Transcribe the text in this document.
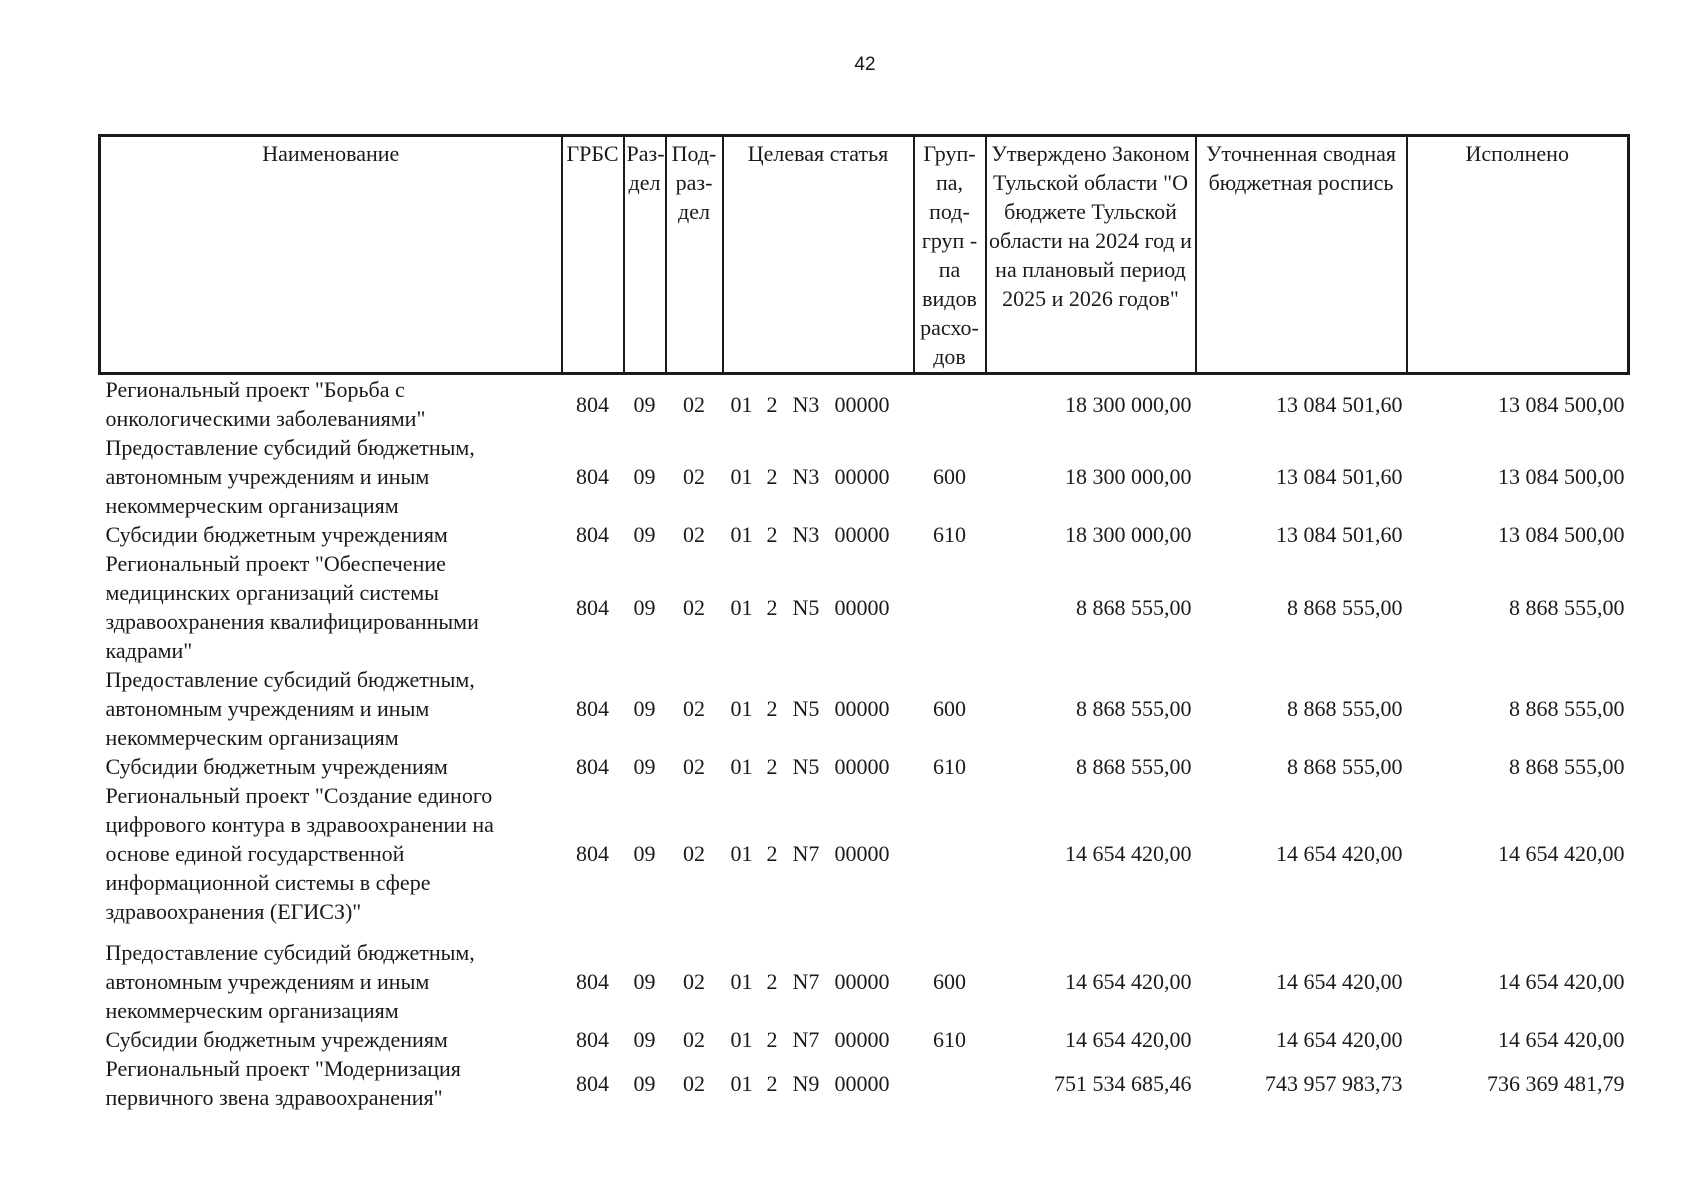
42
Наименование	ГРБС	Раз-дел	Под-раз-дел	Целевая статья	Груп-па, под-груп - па видов расхо-дов	Утверждено Законом Тульской области "О бюджете Тульской области на 2024 год и на плановый период 2025 и 2026 годов"	Уточненная сводная бюджетная роспись	Исполнено
Региональный проект "Борьба с онкологическими заболеваниями"	804	09	02	01 2 N3 00000		18 300 000,00	13 084 501,60	13 084 500,00
Предоставление субсидий бюджетным, автономным учреждениям и иным некоммерческим организациям	804	09	02	01 2 N3 00000	600	18 300 000,00	13 084 501,60	13 084 500,00
Субсидии бюджетным учреждениям	804	09	02	01 2 N3 00000	610	18 300 000,00	13 084 501,60	13 084 500,00
Региональный проект "Обеспечение медицинских организаций системы здравоохранения квалифицированными кадрами"	804	09	02	01 2 N5 00000		8 868 555,00	8 868 555,00	8 868 555,00
Предоставление субсидий бюджетным, автономным учреждениям и иным некоммерческим организациям	804	09	02	01 2 N5 00000	600	8 868 555,00	8 868 555,00	8 868 555,00
Субсидии бюджетным учреждениям	804	09	02	01 2 N5 00000	610	8 868 555,00	8 868 555,00	8 868 555,00
Региональный проект "Создание единого цифрового контура в здравоохранении на основе единой государственной информационной системы в сфере здравоохранения (ЕГИСЗ)"	804	09	02	01 2 N7 00000		14 654 420,00	14 654 420,00	14 654 420,00
Предоставление субсидий бюджетным, автономным учреждениям и иным некоммерческим организациям	804	09	02	01 2 N7 00000	600	14 654 420,00	14 654 420,00	14 654 420,00
Субсидии бюджетным учреждениям	804	09	02	01 2 N7 00000	610	14 654 420,00	14 654 420,00	14 654 420,00
Региональный проект "Модернизация первичного звена здравоохранения"	804	09	02	01 2 N9 00000		751 534 685,46	743 957 983,73	736 369 481,79
